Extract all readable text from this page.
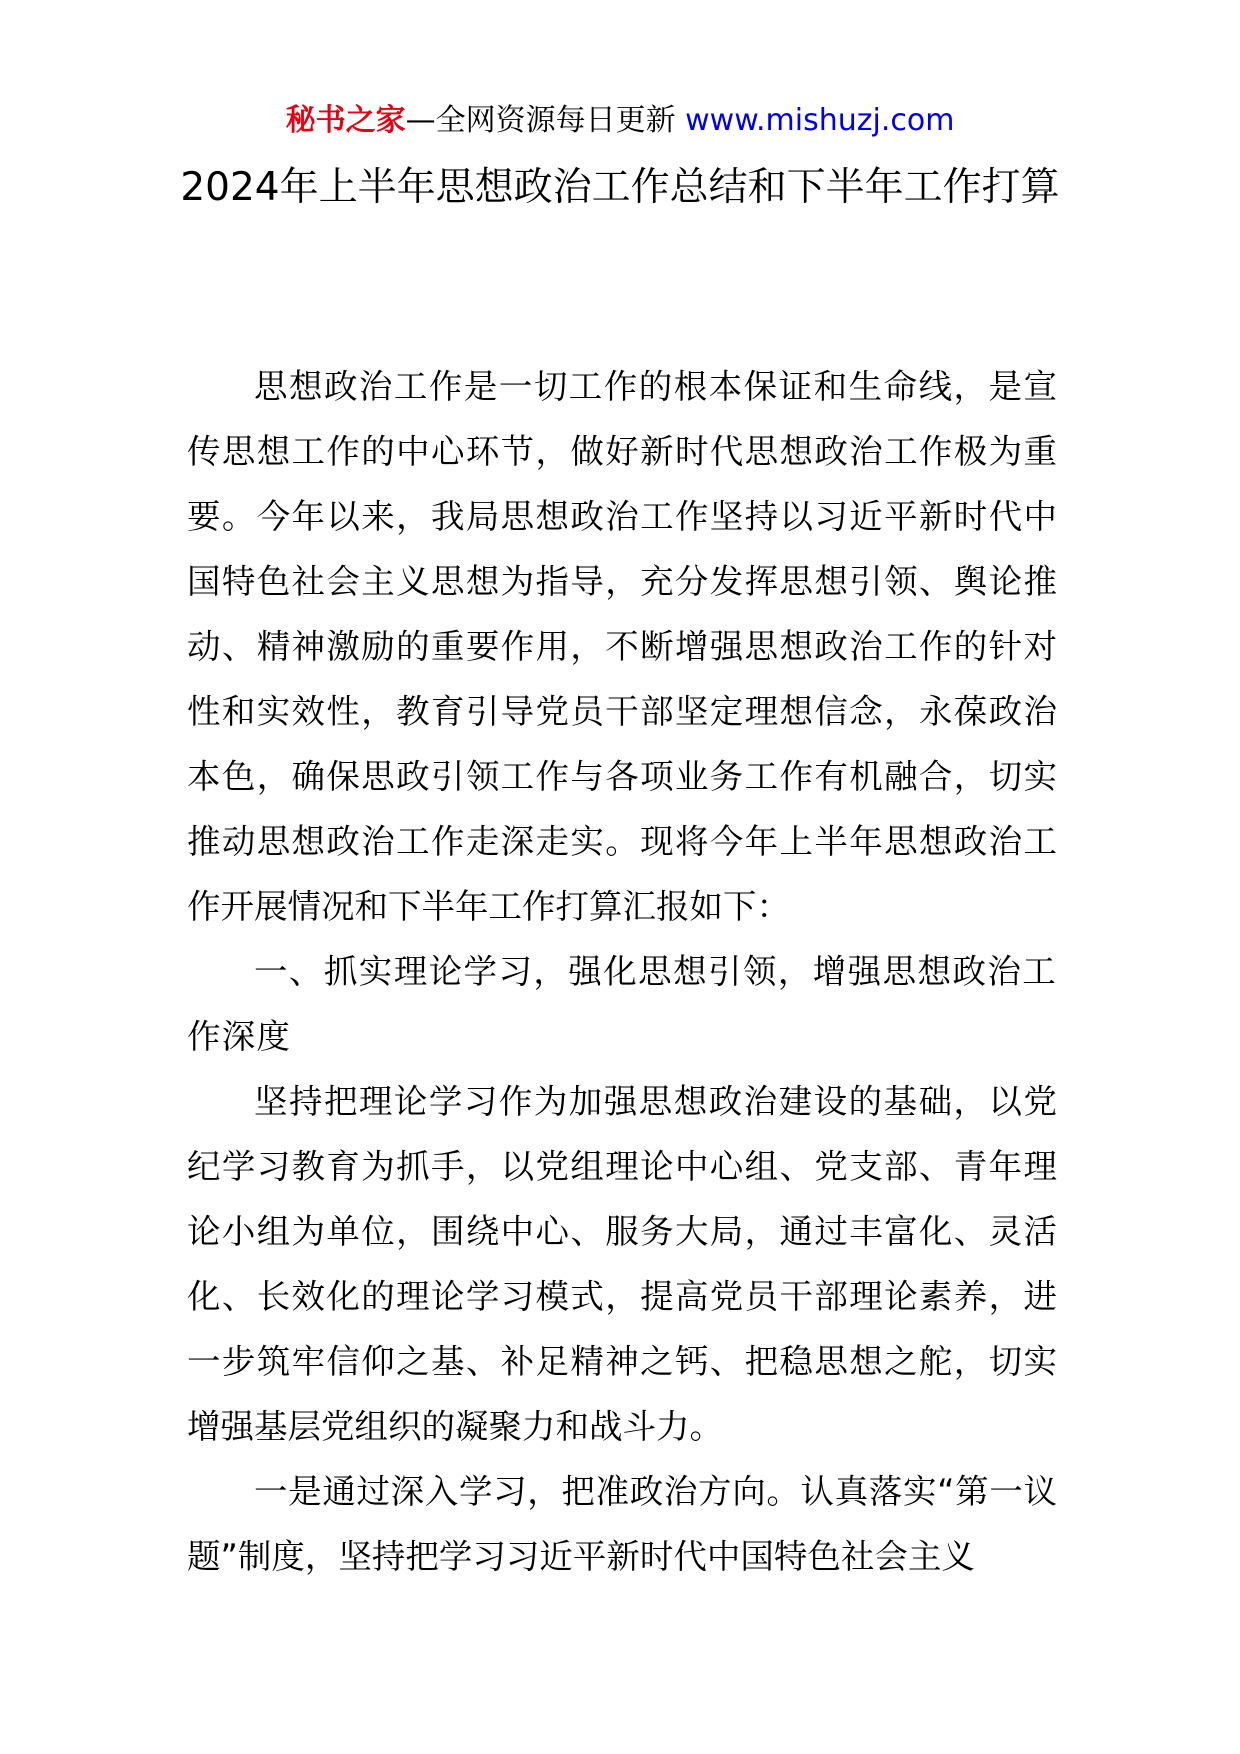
秘书之家—全网资源每日更新 www.mishuzj.com
2024年上半年思想政治工作总结和下半年工作打算

思想政治工作是一切工作的根本保证和生命线，是宣传思想工作的中心环节，做好新时代思想政治工作极为重要。今年以来，我局思想政治工作坚持以习近平新时代中国特色社会主义思想为指导，充分发挥思想引领、舆论推动、精神激励的重要作用，不断增强思想政治工作的针对性和实效性，教育引导党员干部坚定理想信念，永葆政治本色，确保思政引领工作与各项业务工作有机融合，切实推动思想政治工作走深走实。现将今年上半年思想政治工作开展情况和下半年工作打算汇报如下：

一、抓实理论学习，强化思想引领，增强思想政治工作深度

坚持把理论学习作为加强思想政治建设的基础，以党纪学习教育为抓手，以党组理论中心组、党支部、青年理论小组为单位，围绕中心、服务大局，通过丰富化、灵活化、长效化的理论学习模式，提高党员干部理论素养，进一步筑牢信仰之基、补足精神之钙、把稳思想之舵，切实增强基层党组织的凝聚力和战斗力。

一是通过深入学习，把准政治方向。认真落实“第一议题”制度，坚持把学习习近平新时代中国特色社会主义
